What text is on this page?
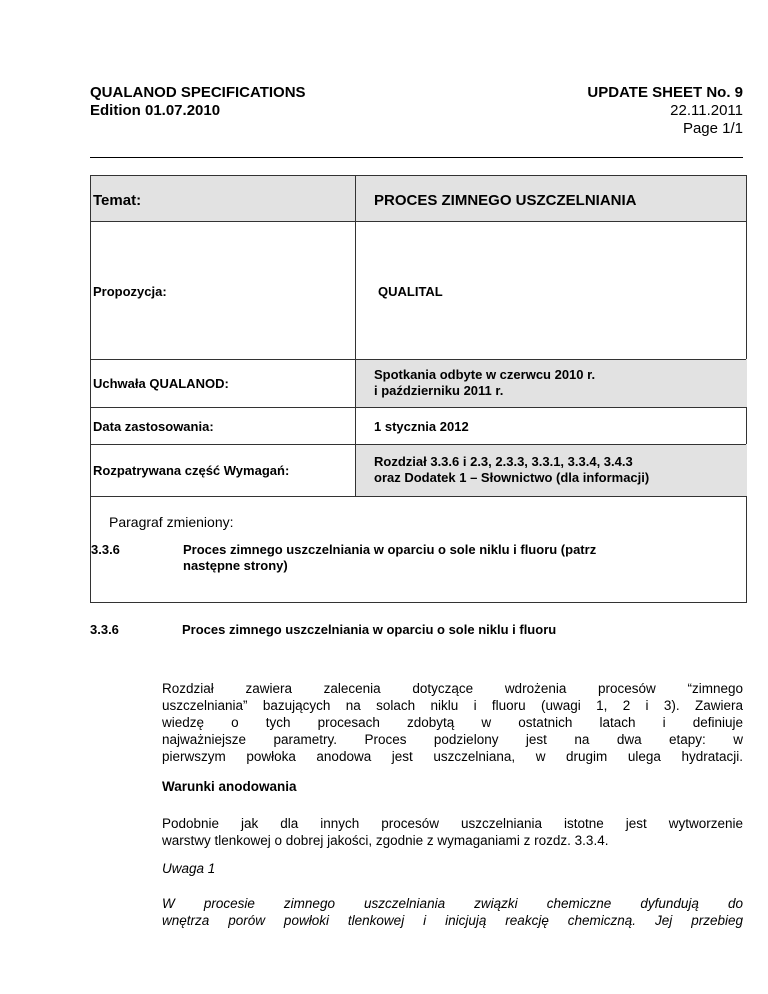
QUALANOD SPECIFICATIONS
Edition 01.07.2010
UPDATE SHEET No. 9
22.11.2011
Page 1/1
Temat:	PROCES ZIMNEGO USZCZELNIANIA
Propozycja:	QUALITAL
Uchwała QUALANOD:
Spotkania odbyte w czerwcu 2010 r.
i październiku 2011 r.
Data zastosowania:	1 stycznia 2012
Rozpatrywana część Wymagań:
Rozdział 3.3.6 i 2.3, 2.3.3, 3.3.1, 3.3.4, 3.4.3
oraz Dodatek 1 – Słownictwo (dla informacji)
Paragraf zmieniony:
3.3.6	Proces zimnego uszczelniania w oparciu o sole niklu i fluoru (patrz
następne strony)
3.3.6	Proces zimnego uszczelniania w oparciu o sole niklu i fluoru
Rozdział zawiera zalecenia dotyczące wdrożenia procesów “zimnego
uszczelniania” bazujących na solach niklu i fluoru (uwagi 1, 2 i 3). Zawiera
wiedzę o tych procesach zdobytą w ostatnich latach i definiuje
najważniejsze parametry. Proces podzielony jest na dwa etapy: w
pierwszym powłoka anodowa jest uszczelniana, w drugim ulega hydratacji.
Warunki anodowania
Podobnie jak dla innych procesów uszczelniania istotne jest wytworzenie
warstwy tlenkowej o dobrej jakości, zgodnie z wymaganiami z rozdz. 3.3.4.
Uwaga 1
W procesie zimnego uszczelniania związki chemiczne dyfundują do
wnętrza porów powłoki tlenkowej i inicjują reakcję chemiczną. Jej przebieg
